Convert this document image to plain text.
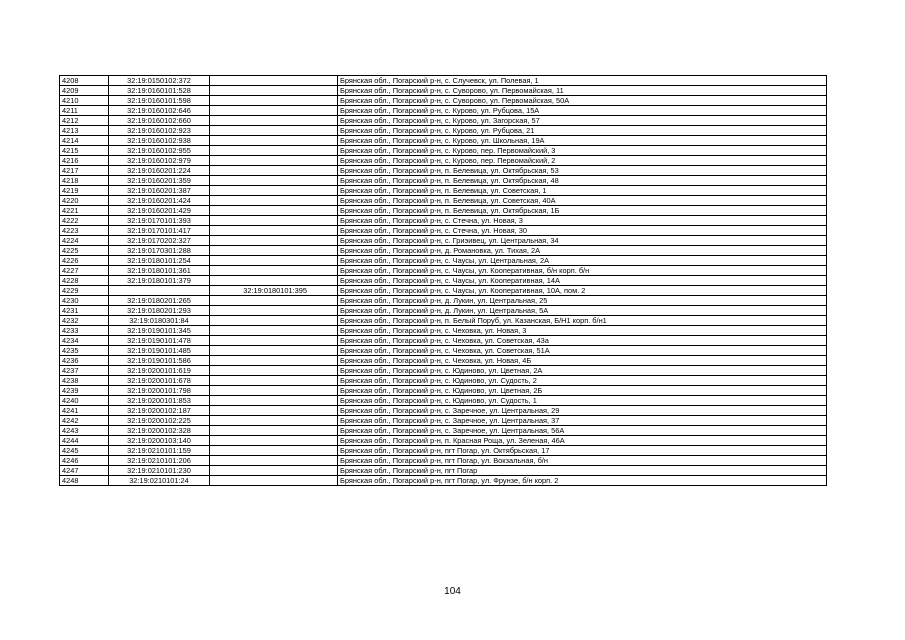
4208	32:19:0150102:372		Брянская обл., Погарский р-н, с. Случевск, ул. Полевая, 1
4209	32:19:0160101:528		Брянская обл., Погарский р-н, с. Суворово, ул. Первомайская, 11
4210	32:19:0160101:598		Брянская обл., Погарский р-н, с. Суворово, ул. Первомайская, 50А
4211	32:19:0160102:646		Брянская обл., Погарский р-н, с. Курово, ул. Рубцова, 15А
4212	32:19:0160102:660		Брянская обл., Погарский р-н, с. Курово, ул. Загорская, 57
4213	32:19:0160102:923		Брянская обл., Погарский р-н, с. Курово, ул. Рубцова, 21
4214	32:19:0160102:938		Брянская обл., Погарский р-н, с. Курово, ул. Школьная, 19А
4215	32:19:0160102:955		Брянская обл., Погарский р-н, с. Курово, пер. Первомайский, 3
4216	32:19:0160102:979		Брянская обл., Погарский р-н, с. Курово, пер. Первомайский, 2
4217	32:19:0160201:224		Брянская обл., Погарский р-н, п. Белевица, ул. Октябрьская, 53
4218	32:19:0160201:359		Брянская обл., Погарский р-н, п. Белевица, ул. Октябрьская, 48
4219	32:19:0160201:387		Брянская обл., Погарский р-н, п. Белевица, ул. Советская, 1
4220	32:19:0160201:424		Брянская обл., Погарский р-н, п. Белевица, ул. Советская, 40А
4221	32:19:0160201:429		Брянская обл., Погарский р-н, п. Белевица, ул. Октябрьская, 1Б
4222	32:19:0170101:393		Брянская обл., Погарский р-н, с. Стечна, ул. Новая, 3
4223	32:19:0170101:417		Брянская обл., Погарский р-н, с. Стечна, ул. Новая, 30
4224	32:19:0170202:327		Брянская обл., Погарский р-н, с. Гриэивец, ул. Центральная, 34
4225	32:19:0170301:288		Брянская обл., Погарский р-н, д. Романовка, ул. Тихая, 2А
4226	32:19:0180101:254		Брянская обл., Погарский р-н, с. Чаусы, ул. Центральная, 2А
4227	32:19:0180101:361		Брянская обл., Погарский р-н, с. Чаусы, ул. Кооперативная, б/н корп. б/н
4228	32:19:0180101:379		Брянская обл., Погарский р-н, с. Чаусы, ул. Кооперативная, 14А
4229		32:19:0180101:395	Брянская обл., Погарский р-н, с. Чаусы, ул. Кооперативная, 10А, пом. 2
4230	32:19:0180201:265		Брянская обл., Погарский р-н, д. Лукин, ул. Центральная, 25
4231	32:19:0180201:293		Брянская обл., Погарский р-н, д. Лукин, ул. Центральная, 5А
4232	32:19:0180301:84		Брянская обл., Погарский р-н, п. Белый Поруб, ул. Казанская, Б/Н1 корп. б/н1
4233	32:19:0190101:345		Брянская обл., Погарский р-н, с. Чеховка, ул. Новая, 3
4234	32:19:0190101:478		Брянская обл., Погарский р-н, с. Чеховка, ул. Советская, 43а
4235	32:19:0190101:485		Брянская обл., Погарский р-н, с. Чеховка, ул. Советская, 51А
4236	32:19:0190101:586		Брянская обл., Погарский р-н, с. Чеховка, ул. Новая, 4Б
4237	32:19:0200101:619		Брянская обл., Погарский р-н, с. Юдиново, ул. Цветная, 2А
4238	32:19:0200101:678		Брянская обл., Погарский р-н, с. Юдиново, ул. Судость, 2
4239	32:19:0200101:798		Брянская обл., Погарский р-н, с. Юдиново, ул. Цветная, 2Б
4240	32:19:0200101:853		Брянская обл., Погарский р-н, с. Юдиново, ул. Судость, 1
4241	32:19:0200102:187		Брянская обл., Погарский р-н, с. Заречное, ул. Центральная, 29
4242	32:19:0200102:225		Брянская обл., Погарский р-н, с. Заречное, ул. Центральная, 37
4243	32:19:0200102:328		Брянская обл., Погарский р-н, с. Заречное, ул. Центральная, 56А
4244	32:19:0200103:140		Брянская обл., Погарский р-н, п. Красная Роща, ул. Зеленая, 46А
4245	32:19:0210101:159		Брянская обл., Погарский р-н, пгт Погар, ул. Октябрьская, 17
4246	32:19:0210101:206		Брянская обл., Погарский р-н, пгт Погар, ул. Вокзальная, б/н
4247	32:19:0210101:230		Брянская обл., Погарский р-н, пгт Погар
4248	32:19:0210101:24		Брянская обл., Погарский р-н, пгт Погар, ул. Фрунзе, б/н корп. 2
104
